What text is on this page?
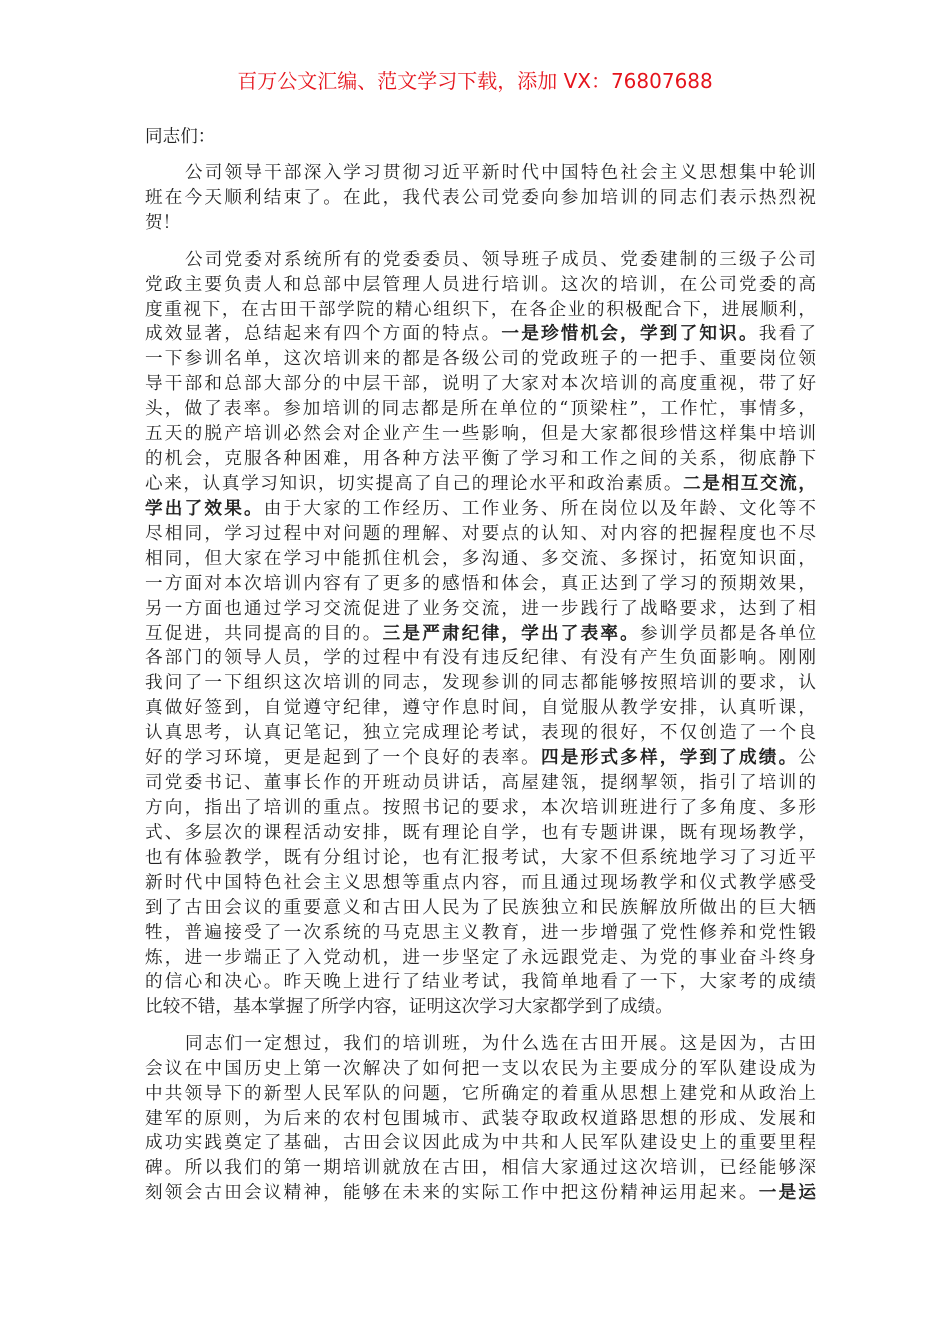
百万公文汇编、范文学习下载，添加 VX：76807688
同志们：
公司领导干部深入学习贯彻习近平新时代中国特色社会主义思想集中轮训
班在今天顺利结束了。在此，我代表公司党委向参加培训的同志们表示热烈祝
贺！
公司党委对系统所有的党委委员、领导班子成员、党委建制的三级子公司
党政主要负责人和总部中层管理人员进行培训。这次的培训，在公司党委的高
度重视下，在古田干部学院的精心组织下，在各企业的积极配合下，进展顺利，
成效显著，总结起来有四个方面的特点。一是珍惜机会，学到了知识。我看了
一下参训名单，这次培训来的都是各级公司的党政班子的一把手、重要岗位领
导干部和总部大部分的中层干部，说明了大家对本次培训的高度重视，带了好
头，做了表率。参加培训的同志都是所在单位的“顶梁柱”，工作忙，事情多，
五天的脱产培训必然会对企业产生一些影响，但是大家都很珍惜这样集中培训
的机会，克服各种困难，用各种方法平衡了学习和工作之间的关系，彻底静下
心来，认真学习知识，切实提高了自己的理论水平和政治素质。二是相互交流，
学出了效果。由于大家的工作经历、工作业务、所在岗位以及年龄、文化等不
尽相同，学习过程中对问题的理解、对要点的认知、对内容的把握程度也不尽
相同，但大家在学习中能抓住机会，多沟通、多交流、多探讨，拓宽知识面，
一方面对本次培训内容有了更多的感悟和体会，真正达到了学习的预期效果，
另一方面也通过学习交流促进了业务交流，进一步践行了战略要求，达到了相
互促进，共同提高的目的。三是严肃纪律，学出了表率。参训学员都是各单位
各部门的领导人员，学的过程中有没有违反纪律、有没有产生负面影响。刚刚
我问了一下组织这次培训的同志，发现参训的同志都能够按照培训的要求，认
真做好签到，自觉遵守纪律，遵守作息时间，自觉服从教学安排，认真听课，
认真思考，认真记笔记，独立完成理论考试，表现的很好，不仅创造了一个良
好的学习环境，更是起到了一个良好的表率。四是形式多样，学到了成绩。公
司党委书记、董事长作的开班动员讲话，高屋建瓴，提纲挈领，指引了培训的
方向，指出了培训的重点。按照书记的要求，本次培训班进行了多角度、多形
式、多层次的课程活动安排，既有理论自学，也有专题讲课，既有现场教学，
也有体验教学，既有分组讨论，也有汇报考试，大家不但系统地学习了习近平
新时代中国特色社会主义思想等重点内容，而且通过现场教学和仪式教学感受
到了古田会议的重要意义和古田人民为了民族独立和民族解放所做出的巨大牺
牲，普遍接受了一次系统的马克思主义教育，进一步增强了党性修养和党性锻
炼，进一步端正了入党动机，进一步坚定了永远跟党走、为党的事业奋斗终身
的信心和决心。昨天晚上进行了结业考试，我简单地看了一下，大家考的成绩
比较不错，基本掌握了所学内容，证明这次学习大家都学到了成绩。
同志们一定想过，我们的培训班，为什么选在古田开展。这是因为，古田
会议在中国历史上第一次解决了如何把一支以农民为主要成分的军队建设成为
中共领导下的新型人民军队的问题，它所确定的着重从思想上建党和从政治上
建军的原则，为后来的农村包围城市、武装夺取政权道路思想的形成、发展和
成功实践奠定了基础，古田会议因此成为中共和人民军队建设史上的重要里程
碑。所以我们的第一期培训就放在古田，相信大家通过这次培训，已经能够深
刻领会古田会议精神，能够在未来的实际工作中把这份精神运用起来。一是运
